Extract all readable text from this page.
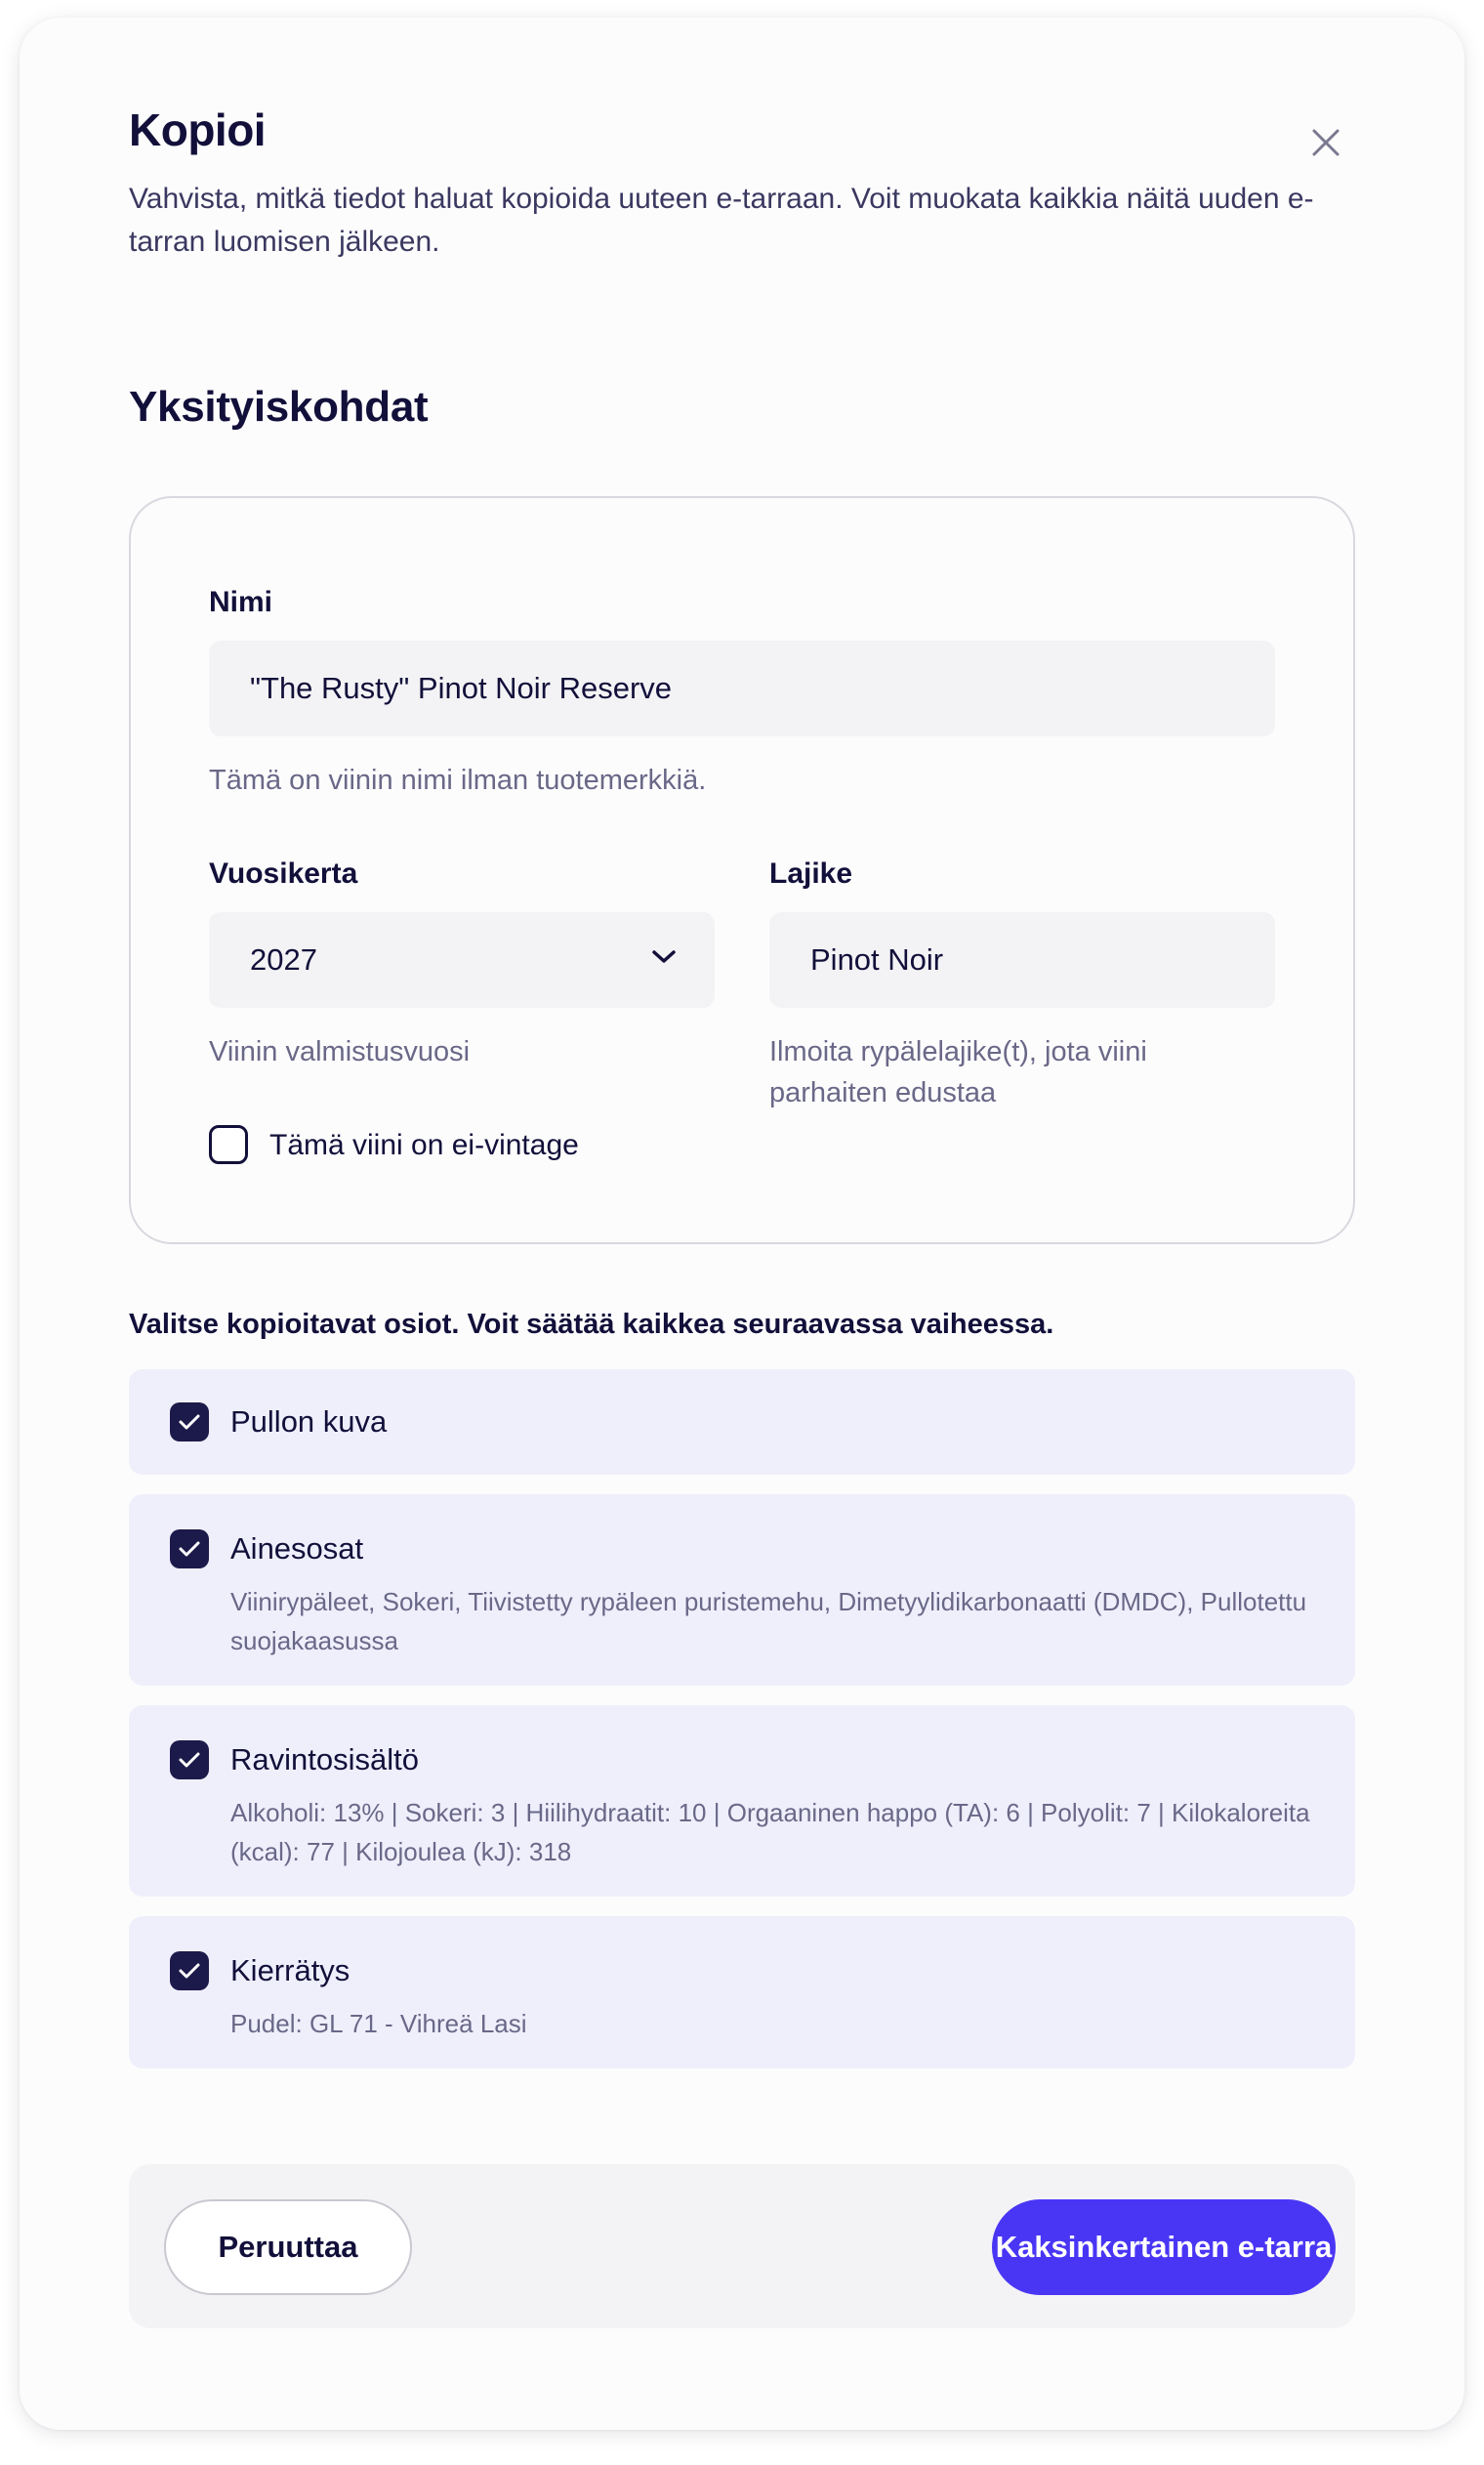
Kopioi
Vahvista, mitkä tiedot haluat kopioida uuteen e-tarraan. Voit muokata kaikkia näitä uuden e-tarran luomisen jälkeen.
Yksityiskohdat
Nimi
"The Rusty" Pinot Noir Reserve
Tämä on viinin nimi ilman tuotemerkkiä.
Vuosikerta
2027
Viinin valmistusvuosi
Lajike
Pinot Noir
Ilmoita rypälelajike(t), jota viini parhaiten edustaa
Tämä viini on ei-vintage
Valitse kopioitavat osiot. Voit säätää kaikkea seuraavassa vaiheessa.
Pullon kuva
Ainesosat
Viinirypäleet, Sokeri, Tiivistetty rypäleen puristemehu, Dimetyylidikarbonaatti (DMDC), Pullotettu suojakaasussa
Ravintosisältö
Alkoholi: 13% | Sokeri: 3 | Hiilihydraatit: 10 | Orgaaninen happo (TA): 6 | Polyolit: 7 | Kilokaloreita (kcal): 77 | Kilojoulea (kJ): 318
Kierrätys
Pudel: GL 71 - Vihreä Lasi
Peruuttaa	Kaksinkertainen e-tarra
